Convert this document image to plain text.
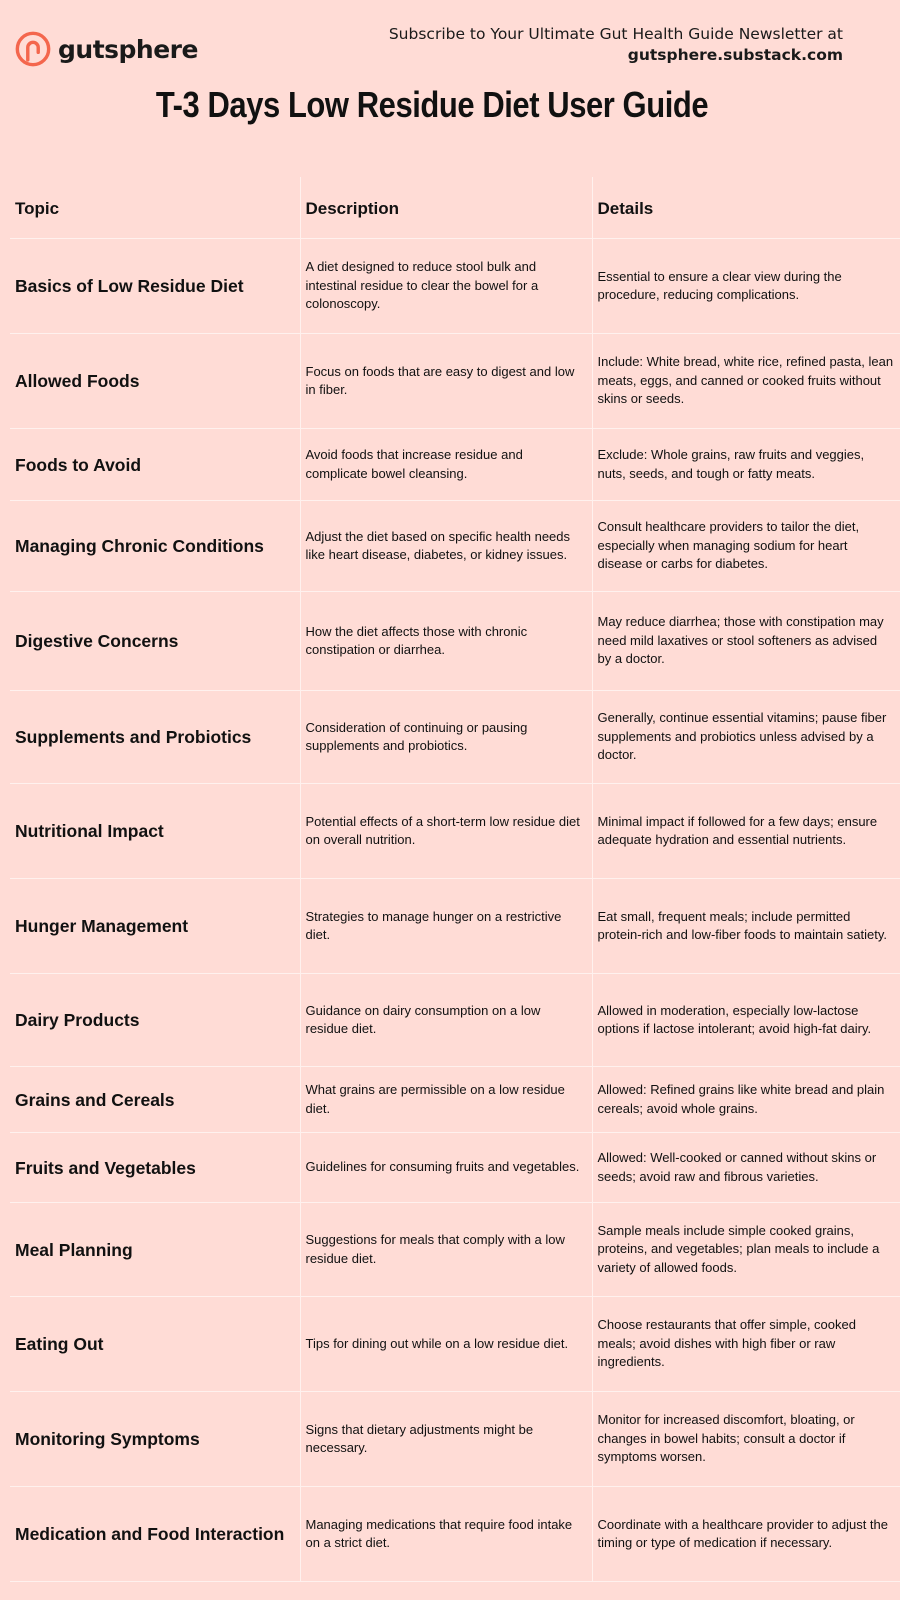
gutsphere
Subscribe to Your Ultimate Gut Health Guide Newsletter at
gutsphere.substack.com
T-3 Days Low Residue Diet User Guide
Topic	Description	Details
Basics of Low Residue Diet	A diet designed to reduce stool bulk and intestinal residue to clear the bowel for a colonoscopy.	Essential to ensure a clear view during the procedure, reducing complications.
Allowed Foods	Focus on foods that are easy to digest and low in fiber.	Include: White bread, white rice, refined pasta, lean meats, eggs, and canned or cooked fruits without skins or seeds.
Foods to Avoid	Avoid foods that increase residue and complicate bowel cleansing.	Exclude: Whole grains, raw fruits and veggies, nuts, seeds, and tough or fatty meats.
Managing Chronic Conditions	Adjust the diet based on specific health needs like heart disease, diabetes, or kidney issues.	Consult healthcare providers to tailor the diet, especially when managing sodium for heart disease or carbs for diabetes.
Digestive Concerns	How the diet affects those with chronic constipation or diarrhea.	May reduce diarrhea; those with constipation may need mild laxatives or stool softeners as advised by a doctor.
Supplements and Probiotics	Consideration of continuing or pausing supplements and probiotics.	Generally, continue essential vitamins; pause fiber supplements and probiotics unless advised by a doctor.
Nutritional Impact	Potential effects of a short-term low residue diet on overall nutrition.	Minimal impact if followed for a few days; ensure adequate hydration and essential nutrients.
Hunger Management	Strategies to manage hunger on a restrictive diet.	Eat small, frequent meals; include permitted protein-rich and low-fiber foods to maintain satiety.
Dairy Products	Guidance on dairy consumption on a low residue diet.	Allowed in moderation, especially low-lactose options if lactose intolerant; avoid high-fat dairy.
Grains and Cereals	What grains are permissible on a low residue diet.	Allowed: Refined grains like white bread and plain cereals; avoid whole grains.
Fruits and Vegetables	Guidelines for consuming fruits and vegetables.	Allowed: Well-cooked or canned without skins or seeds; avoid raw and fibrous varieties.
Meal Planning	Suggestions for meals that comply with a low residue diet.	Sample meals include simple cooked grains, proteins, and vegetables; plan meals to include a variety of allowed foods.
Eating Out	Tips for dining out while on a low residue diet.	Choose restaurants that offer simple, cooked meals; avoid dishes with high fiber or raw ingredients.
Monitoring Symptoms	Signs that dietary adjustments might be necessary.	Monitor for increased discomfort, bloating, or changes in bowel habits; consult a doctor if symptoms worsen.
Medication and Food Interaction	Managing medications that require food intake on a strict diet.	Coordinate with a healthcare provider to adjust the timing or type of medication if necessary.
